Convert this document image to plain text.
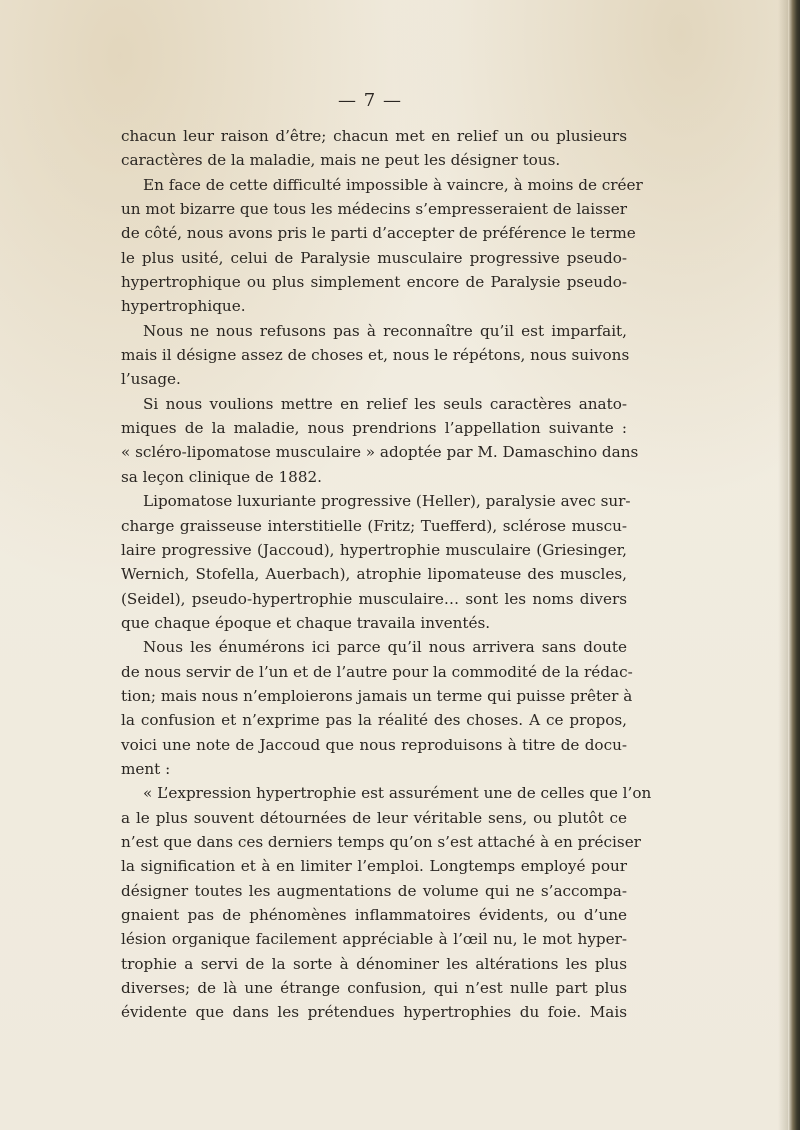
— 7 —
chacun leur raison d’être; chacun met en relief un ou plusieurs
caractères de la maladie, mais ne peut les désigner tous.
En face de cette difficulté impossible à vaincre, à moins de créer
un mot bizarre que tous les médecins s’empresseraient de laisser
de côté, nous avons pris le parti d’accepter de préférence le terme
le plus usité, celui de Paralysie musculaire progressive pseudo-
hypertrophique ou plus simplement encore de Paralysie pseudo-
hypertrophique.
Nous ne nous refusons pas à reconnaître qu’il est imparfait,
mais il désigne assez de choses et, nous le répétons, nous suivons
l’usage.
Si nous voulions mettre en relief les seuls caractères anato-
miques de la maladie, nous prendrions l’appellation suivante :
« scléro-lipomatose musculaire » adoptée par M. Damaschino dans
sa leçon clinique de 1882.
Lipomatose luxuriante progressive (Heller), paralysie avec sur-
charge graisseuse interstitielle (Fritz; Tuefferd), sclérose muscu-
laire progressive (Jaccoud), hypertrophie musculaire (Griesinger,
Wernich, Stofella, Auerbach), atrophie lipomateuse des muscles,
(Seidel), pseudo-hypertrophie musculaire… sont les noms divers
que chaque époque et chaque travaila inventés.
Nous les énumérons ici parce qu’il nous arrivera sans doute
de nous servir de l’un et de l’autre pour la commodité de la rédac-
tion; mais nous n’emploierons jamais un terme qui puisse prêter à
la confusion et n’exprime pas la réalité des choses. A ce propos,
voici une note de Jaccoud que nous reproduisons à titre de docu-
ment :
« L’expression hypertrophie est assurément une de celles que l’on
a le plus souvent détournées de leur véritable sens, ou plutôt ce
n’est que dans ces derniers temps qu’on s’est attaché à en préciser
la signification et à en limiter l’emploi. Longtemps employé pour
désigner toutes les augmentations de volume qui ne s’accompa-
gnaient pas de phénomènes inflammatoires évidents, ou d’une
lésion organique facilement appréciable à l’œil nu, le mot hyper-
trophie a servi de la sorte à dénominer les altérations les plus
diverses; de là une étrange confusion, qui n’est nulle part plus
évidente que dans les prétendues hypertrophies du foie. Mais
